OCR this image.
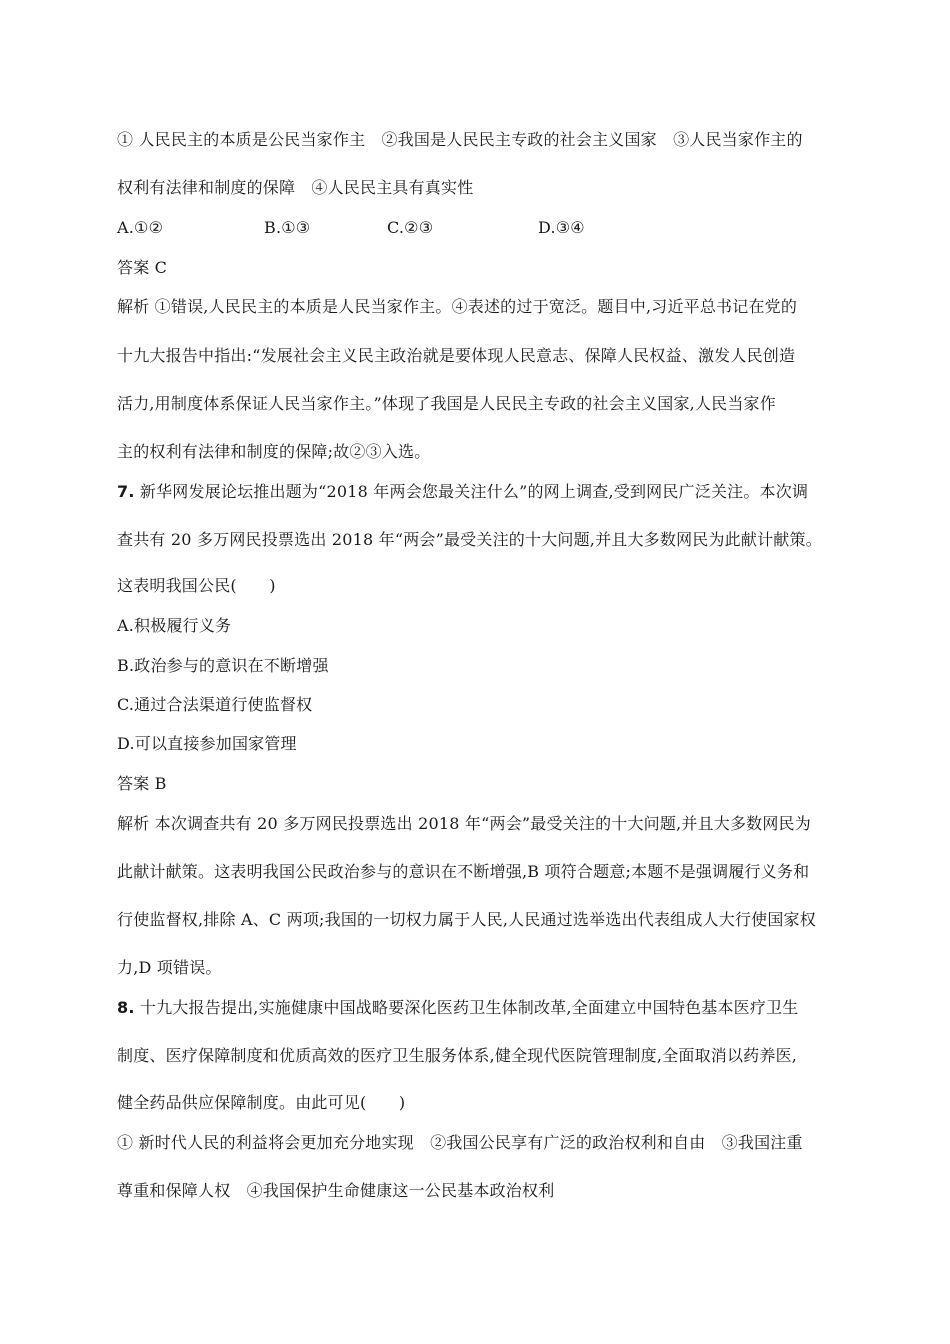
① 人民民主的本质是公民当家作主　②我国是人民民主专政的社会主义国家　③人民当家作主的
权利有法律和制度的保障　④人民民主具有真实性
A.①②	B.①③	C.②③	D.③④
答案 C
解析 ①错误,人民民主的本质是人民当家作主。④表述的过于宽泛。题目中,习近平总书记在党的
十九大报告中指出:“发展社会主义民主政治就是要体现人民意志、保障人民权益、激发人民创造
活力,用制度体系保证人民当家作主。”体现了我国是人民民主专政的社会主义国家,人民当家作
主的权利有法律和制度的保障;故②③入选。
7. 新华网发展论坛推出题为“2018 年两会您最关注什么”的网上调查,受到网民广泛关注。本次调
查共有 20 多万网民投票选出 2018 年“两会”最受关注的十大问题,并且大多数网民为此献计献策。
这表明我国公民(　　)
A.积极履行义务
B.政治参与的意识在不断增强
C.通过合法渠道行使监督权
D.可以直接参加国家管理
答案 B
解析 本次调查共有 20 多万网民投票选出 2018 年“两会”最受关注的十大问题,并且大多数网民为
此献计献策。这表明我国公民政治参与的意识在不断增强,B 项符合题意;本题不是强调履行义务和
行使监督权,排除 A、C 两项;我国的一切权力属于人民,人民通过选举选出代表组成人大行使国家权
力,D 项错误。
8. 十九大报告提出,实施健康中国战略要深化医药卫生体制改革,全面建立中国特色基本医疗卫生
制度、医疗保障制度和优质高效的医疗卫生服务体系,健全现代医院管理制度,全面取消以药养医,
健全药品供应保障制度。由此可见(　　)
① 新时代人民的利益将会更加充分地实现　②我国公民享有广泛的政治权利和自由　③我国注重
尊重和保障人权　④我国保护生命健康这一公民基本政治权利
